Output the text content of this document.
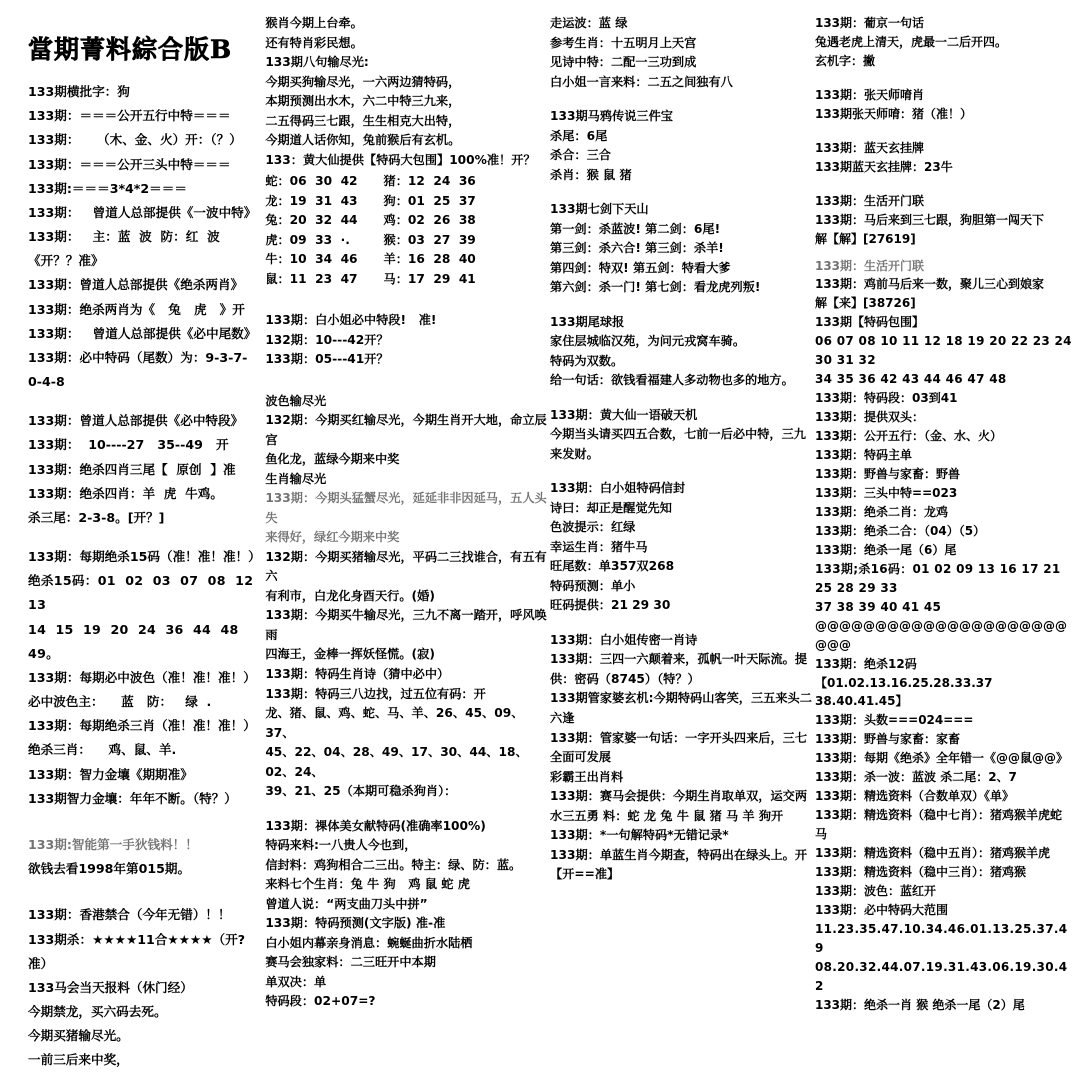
當期菁料綜合版B
133期横批字：狗
133期：＝＝＝公开五行中特＝＝＝
133期：    （木、金、火）开：（？）
133期：＝＝＝公开三头中特＝＝＝
133期:＝＝＝3*4*2＝＝＝
133期：   曾道人总部提供《一波中特》
133期：   主：蓝  波  防：红  波《开？？准》
133期：曾道人总部提供《绝杀两肖》
133期：绝杀两肖为《   兔   虎   》开
133期：   曾道人总部提供《必中尾数》
133期：必中特码（尾数）为：9-3-7-0-4-8
133期：曾道人总部提供《必中特段》
133期：  10----27   35--49   开
133期：绝杀四肖三尾【  原创  】准
133期：绝杀四肖：羊  虎  牛鸡。
杀三尾：2-3-8。[开？]
133期：每期绝杀15码（准！准！准！）
绝杀15码：01  02  03  07  08  12  13
14  15  19  20  24  36  44  48  49。
133期：每期必中波色（准！准！准！）
必中波色主：    蓝   防：   绿  .
133期：每期绝杀三肖（准！准！准！）
绝杀三肖：    鸡、鼠、羊.
133期：智力金壤《期期准》
133期智力金壤：年年不断。（特？）
133期:智能第一手狄钱料！！
欲钱去看1998年第015期。
133期：香港禁合（今年无错）！！
133期杀：★★★★11合★★★★（开?准）
133马会当天报料（休门经）
今期禁龙，买六码去死。
今期买猪输尽光。
一前三后来中奖，
猴肖今期上台牵。
还有特肖彩民想。
133期八句输尽光:
今期买狗输尽光，一六两边猜特码，
本期预测出水木，六二中特三九来，
二五得码三七跟，生生相克大出特，
今期道人话你知，兔前猴后有玄机。
133：黄大仙提供【特码大包围】100%准！开？
蛇：06  30  42
龙：19  31  43
兔：20  32  44
虎：09  33  ·.
牛：10  34  46
鼠：11  23  47
猪：12  24  36
狗：01  25  37
鸡：02  26  38
猴：03  27  39
羊：16  28  40
马：17  29  41
133期：白小姐必中特段!   准!
132期：10---42开？
133期：05---41开？
波色输尽光
132期：今期买红输尽光，今期生肖开大地，命立辰宫
鱼化龙，蓝绿今期来中奖
生肖输尽光
133期：今期头猛蟹尽光，延延非非因延马，五人头失
来得好，绿红今期来中奖
132期：今期买猪输尽光，平码二三找谁合，有五有六
有利市，白龙化身酉天行。(婚)
133期：今期买牛输尽光，三九不离一踏开，呼风唤雨
四海王，金棒一挥妖怪慌。(寂)
133期：特码生肖诗（猜中必中）
133期：特码三八边找，过五位有码：开
龙、猪、鼠、鸡、蛇、马、羊、26、45、09、37、
45、22、04、28、49、17、30、44、18、02、24、
39、21、25（本期可稳杀狗肖）：
133期：祼体美女献特码(准确率100%)
特码来料:一八贵人今也到，
信封料：鸡狗相合二三出。特主：绿、防：蓝。
来料七个生肖：兔 牛 狗   鸡 鼠 蛇 虎
曾道人说：“两支曲刀头中拼”
133期：特码预测(文字版) 准-准
白小姐内幕亲身消息：蜿蜒曲折水陆栖
赛马会独家料：二三旺开中本期
单双决：单
特码段：02+07=?
走运波：蓝 绿
参考生肖：十五明月上天宫
见诗中特：二配一三功到成
白小姐一言来料：二五之间独有八
133期马鸦传说三件宝
杀尾：6尾
杀合：三合
杀肖：猴 鼠 猪
133期七剑下天山
第一剑：杀蓝波! 第二剑：6尾!
第三剑：杀六合! 第三剑：杀羊!
第四剑：特双! 第五剑：特看大爹
第六剑：杀一门! 第七剑：看龙虎列叛!
133期尾球报
家住层城临汉苑，为问元戎窝车骑。
特码为双数。
给一句话：欲钱看福建人多动物也多的地方。
133期：黄大仙一语破天机
今期当头请买四五合数，七前一后必中特，三九
来发财。
133期：白小姐特码信封
诗曰：却正是醒觉先知
色波提示：红绿
幸运生肖：猪牛马
旺尾数：单357双268
特码预测：单小
旺码提供：21 29 30
133期：白小姐传密一肖诗
133期：三四一六颠着来，孤帆一叶天际流。提
供：密码（8745）（特？）
133期管家婆玄机:今期特码山客笑，三五来头二
六逢
133期：管家婆一句话：一字开头四来后，三七
全面可发展
彩霸王出肖料
133期：赛马会提供：今期生肖取单双，运交两
水三五勇 料：蛇 龙 兔 牛 鼠 猪 马 羊 狗开
133期：*一句解特码*无错记录*
133期：单蓝生肖今期查，特码出在绿头上。开
【开==准】
133期：葡京一句话
兔遇老虎上清天，虎最一二后开四。
玄机字：撇
133期：张天师唷肖
133期张天师唷：猪（准！）
133期：蓝天玄挂牌
133期蓝天玄挂牌：23牛
133期：生活开门联
133期：马后来到三七跟，狗胆第一闯天下
解【解】[27619]
133期：生活开门联
133期：鸡前马后来一数，聚儿三心到娘家
解【来】[38726]
133期【特码包围】
06 07 08 10 11 12 18 19 20 22 23 24 30 31 32
34 35 36 42 43 44 46 47 48
133期：特码段：03到41
133期：提供双头：
133期：公开五行：（金、水、火）
133期：特码主单
133期：野兽与家畜：野兽
133期：三头中特==023
133期：绝杀二肖：龙鸡
133期：绝杀二合：（04）（5）
133期：绝杀一尾（6）尾
133期;杀16码：01 02 09 13 16 17 21 25 28 29 33
37 38 39 40 41 45
@@@@@@@@@@@@@@@@@@@@@@@@
133期：绝杀12码【01.02.13.16.25.28.33.37
38.40.41.45】
133期：头数===024===
133期：野兽与家畜：家畜
133期：每期《绝杀》全年错一《@@鼠@@》
133期：杀一波：蓝波 杀二尾：2、7
133期：精选资料（合数单双）《单》
133期：精选资料（稳中七肖）：猪鸡猴羊虎蛇马
133期：精选资料（稳中五肖）：猪鸡猴羊虎
133期：精选资料（稳中三肖）：猪鸡猴
133期：波色：蓝红开
133期：必中特码大范围
11.23.35.47.10.34.46.01.13.25.37.49
08.20.32.44.07.19.31.43.06.19.30.42
133期：绝杀一肖 猴 绝杀一尾（2）尾
